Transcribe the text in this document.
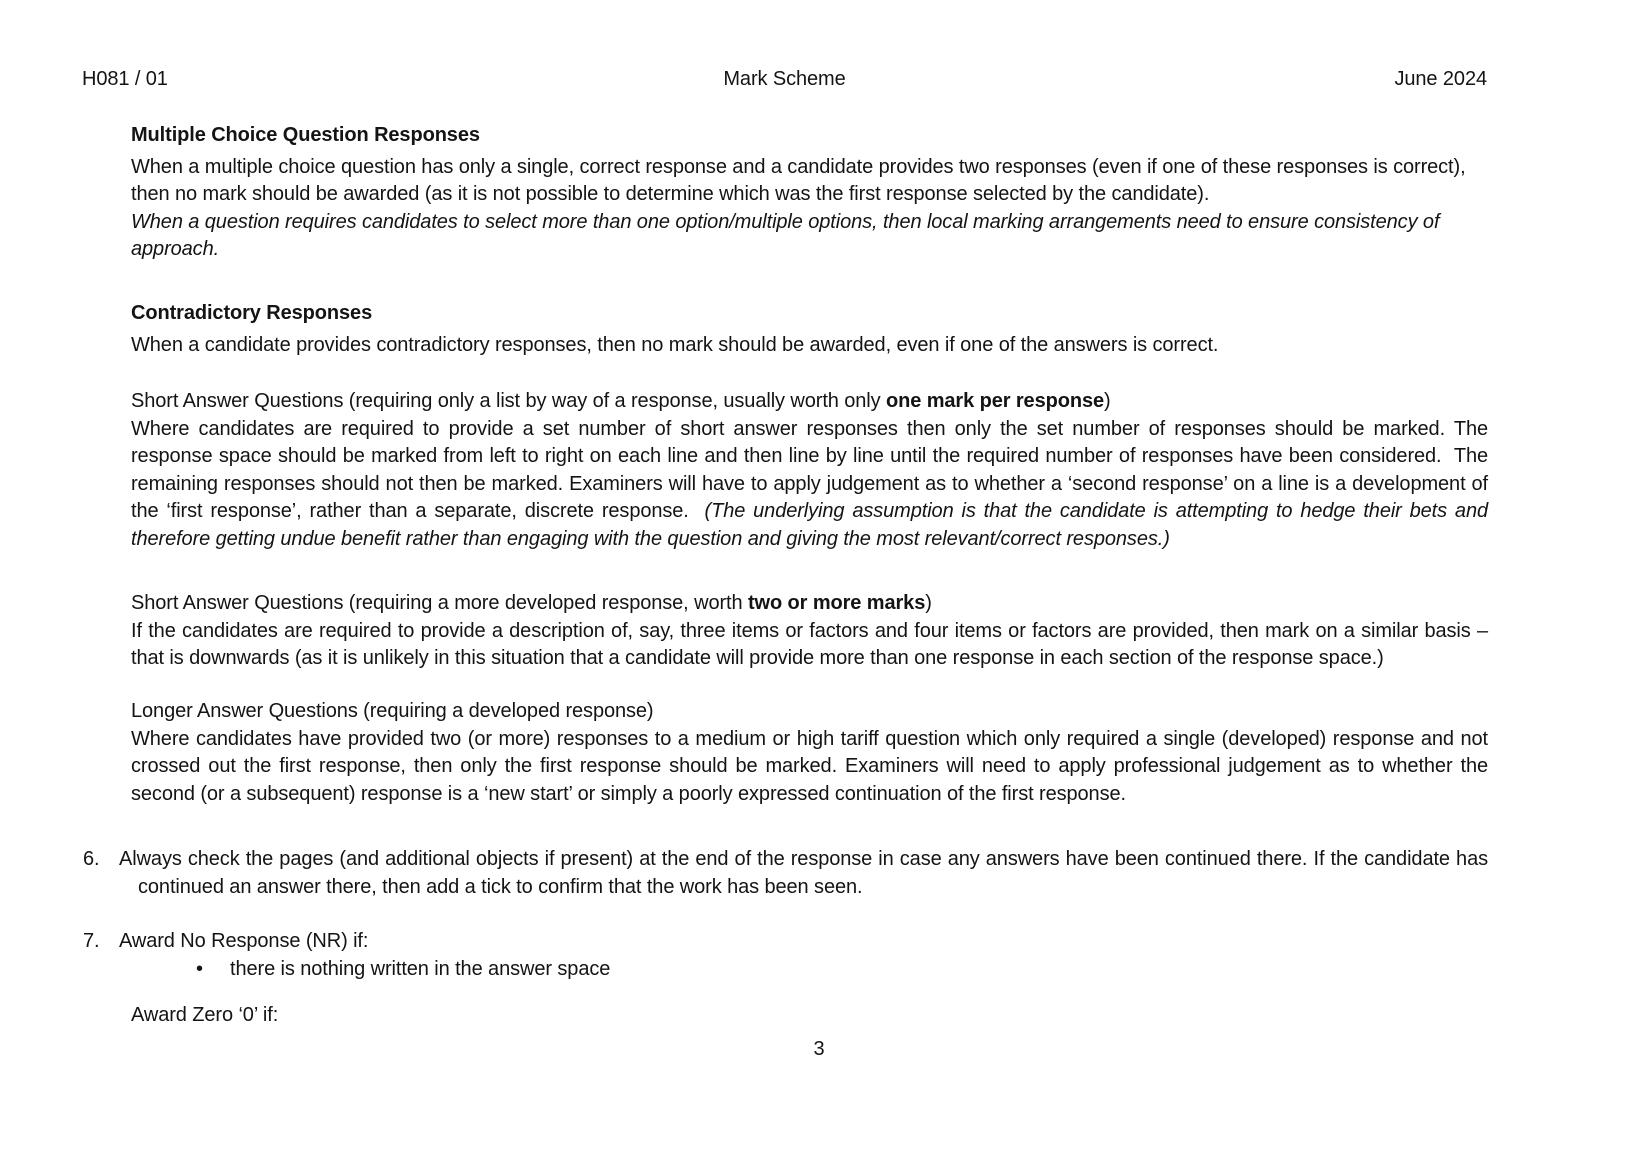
H081 / 01	Mark Scheme	June 2024
Multiple Choice Question Responses
When a multiple choice question has only a single, correct response and a candidate provides two responses (even if one of these responses is correct), then no mark should be awarded (as it is not possible to determine which was the first response selected by the candidate).
When a question requires candidates to select more than one option/multiple options, then local marking arrangements need to ensure consistency of approach.
Contradictory Responses
When a candidate provides contradictory responses, then no mark should be awarded, even if one of the answers is correct.
Short Answer Questions (requiring only a list by way of a response, usually worth only one mark per response)
Where candidates are required to provide a set number of short answer responses then only the set number of responses should be marked. The response space should be marked from left to right on each line and then line by line until the required number of responses have been considered.  The remaining responses should not then be marked. Examiners will have to apply judgement as to whether a ‘second response’ on a line is a development of the ‘first response’, rather than a separate, discrete response.  (The underlying assumption is that the candidate is attempting to hedge their bets and therefore getting undue benefit rather than engaging with the question and giving the most relevant/correct responses.)
Short Answer Questions (requiring a more developed response, worth two or more marks)
If the candidates are required to provide a description of, say, three items or factors and four items or factors are provided, then mark on a similar basis – that is downwards (as it is unlikely in this situation that a candidate will provide more than one response in each section of the response space.)
Longer Answer Questions (requiring a developed response)
Where candidates have provided two (or more) responses to a medium or high tariff question which only required a single (developed) response and not crossed out the first response, then only the first response should be marked. Examiners will need to apply professional judgement as to whether the second (or a subsequent) response is a ‘new start’ or simply a poorly expressed continuation of the first response.
6. Always check the pages (and additional objects if present) at the end of the response in case any answers have been continued there. If the candidate has continued an answer there, then add a tick to confirm that the work has been seen.
7. Award No Response (NR) if:
• there is nothing written in the answer space
Award Zero ‘0’ if:
3
